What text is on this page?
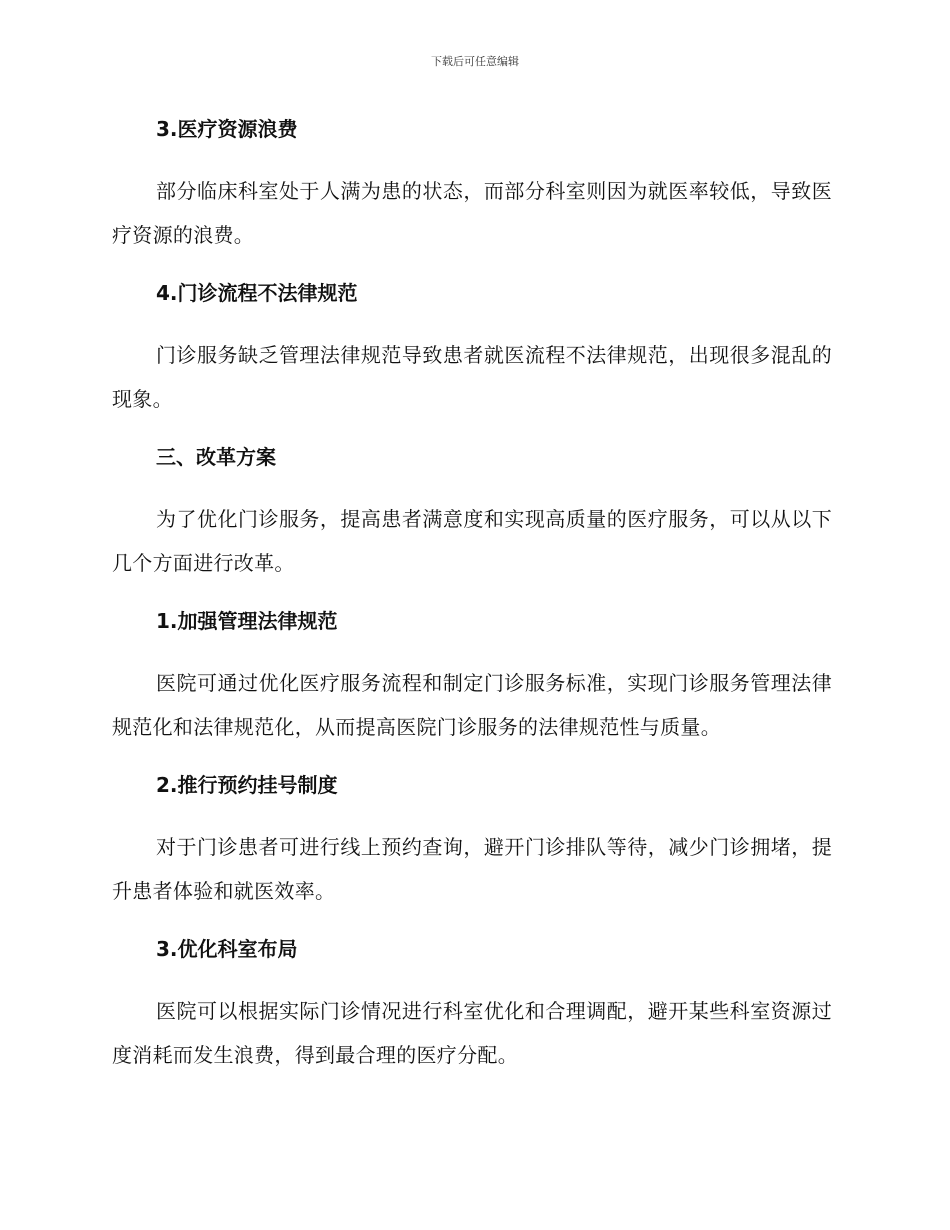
下载后可任意编辑
3.医疗资源浪费
部分临床科室处于人满为患的状态，而部分科室则因为就医率较低，导致医疗资源的浪费。
4.门诊流程不法律规范
门诊服务缺乏管理法律规范导致患者就医流程不法律规范，出现很多混乱的现象。
三、改革方案
为了优化门诊服务，提高患者满意度和实现高质量的医疗服务，可以从以下几个方面进行改革。
1.加强管理法律规范
医院可通过优化医疗服务流程和制定门诊服务标准，实现门诊服务管理法律规范化和法律规范化，从而提高医院门诊服务的法律规范性与质量。
2.推行预约挂号制度
对于门诊患者可进行线上预约查询，避开门诊排队等待，减少门诊拥堵，提升患者体验和就医效率。
3.优化科室布局
医院可以根据实际门诊情况进行科室优化和合理调配，避开某些科室资源过度消耗而发生浪费，得到最合理的医疗分配。
